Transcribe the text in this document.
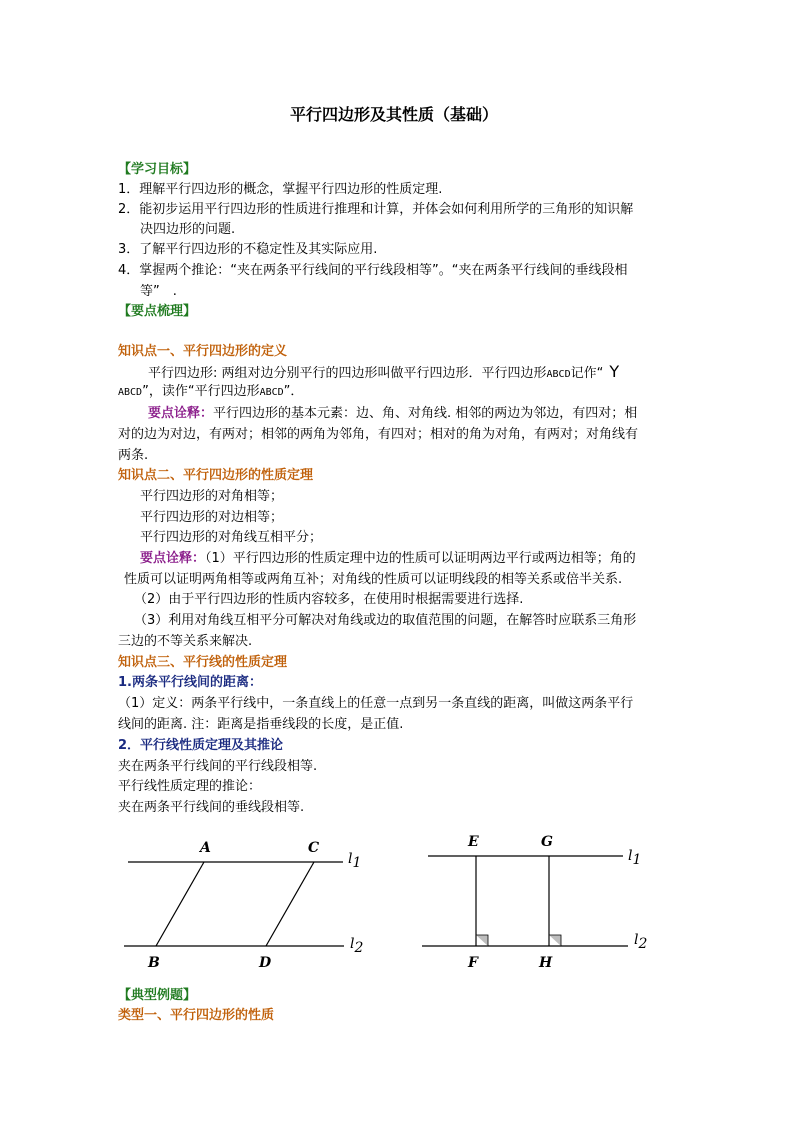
平行四边形及其性质（基础）
【学习目标】
1．理解平行四边形的概念，掌握平行四边形的性质定理.
2．能初步运用平行四边形的性质进行推理和计算，并体会如何利用所学的三角形的知识解
决四边形的问题.
3．了解平行四边形的不稳定性及其实际应用.
4．掌握两个推论：“夹在两条平行线间的平行线段相等”。“夹在两条平行线间的垂线段相
等”　.
【要点梳理】
知识点一、平行四边形的定义
平行四边形: 两组对边分别平行的四边形叫做平行四边形．平行四边形ABCD记作“ Y
ABCD”，读作“平行四边形ABCD”．
要点诠释：平行四边形的基本元素：边、角、对角线. 相邻的两边为邻边，有四对；相
对的边为对边，有两对；相邻的两角为邻角，有四对；相对的角为对角，有两对；对角线有
两条.
知识点二、平行四边形的性质定理
平行四边形的对角相等；
平行四边形的对边相等；
平行四边形的对角线互相平分；
要点诠释：（1）平行四边形的性质定理中边的性质可以证明两边平行或两边相等；角的
性质可以证明两角相等或两角互补；对角线的性质可以证明线段的相等关系或倍半关系.
（2）由于平行四边形的性质内容较多，在使用时根据需要进行选择.
（3）利用对角线互相平分可解决对角线或边的取值范围的问题，在解答时应联系三角形
三边的不等关系来解决.
知识点三、平行线的性质定理
1.两条平行线间的距离：
（1）定义：两条平行线中，一条直线上的任意一点到另一条直线的距离，叫做这两条平行
线间的距离. 注：距离是指垂线段的长度，是正值.
2．平行线性质定理及其推论
夹在两条平行线间的平行线段相等.
平行线性质定理的推论：
夹在两条平行线间的垂线段相等.
A	C
B	D
l1
l2
E	G
F	H
l1
l2
【典型例题】
类型一、平行四边形的性质
